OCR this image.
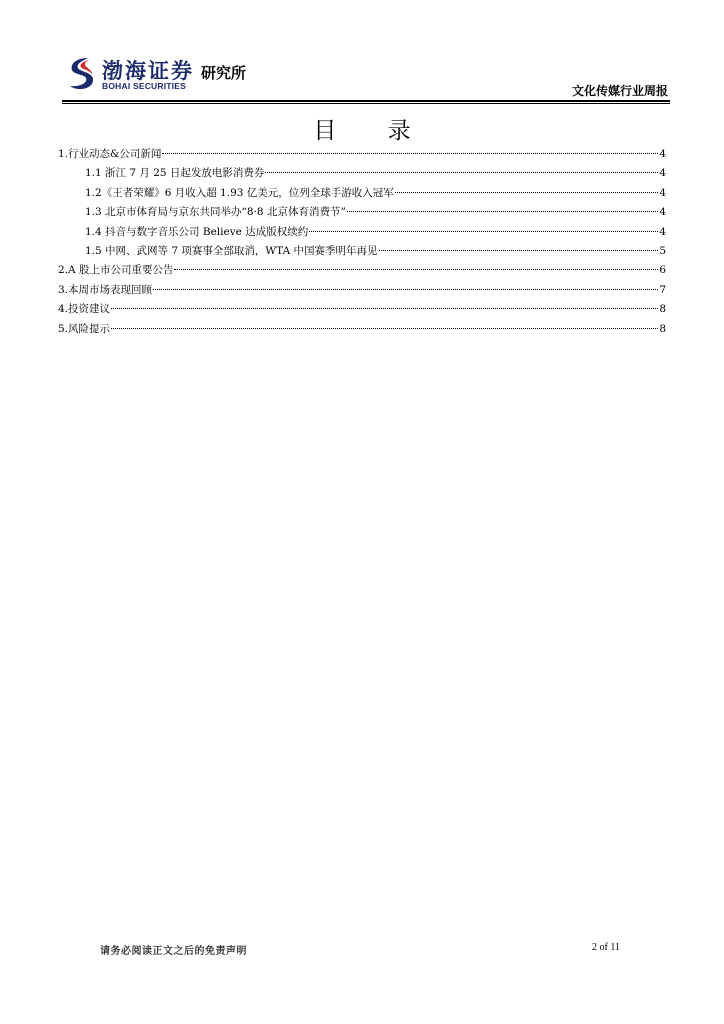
渤海证券
BOHAI SECURITIES
研究所
文化传媒行业周报
目 录
1.行业动态&公司新闻	4
1.1 浙江 7 月 25 日起发放电影消费券	4
1.2《王者荣耀》6 月收入超 1.93 亿美元，位列全球手游收入冠军	4
1.3 北京市体育局与京东共同举办“8·8 北京体育消费节”	4
1.4 抖音与数字音乐公司 Believe 达成版权续约	4
1.5 中网、武网等 7 项赛事全部取消，WTA 中国赛季明年再见	5
2.A 股上市公司重要公告	6
3.本周市场表现回顾	7
4.投资建议	8
5.风险提示	8
请务必阅读正文之后的免责声明	2 of 11
